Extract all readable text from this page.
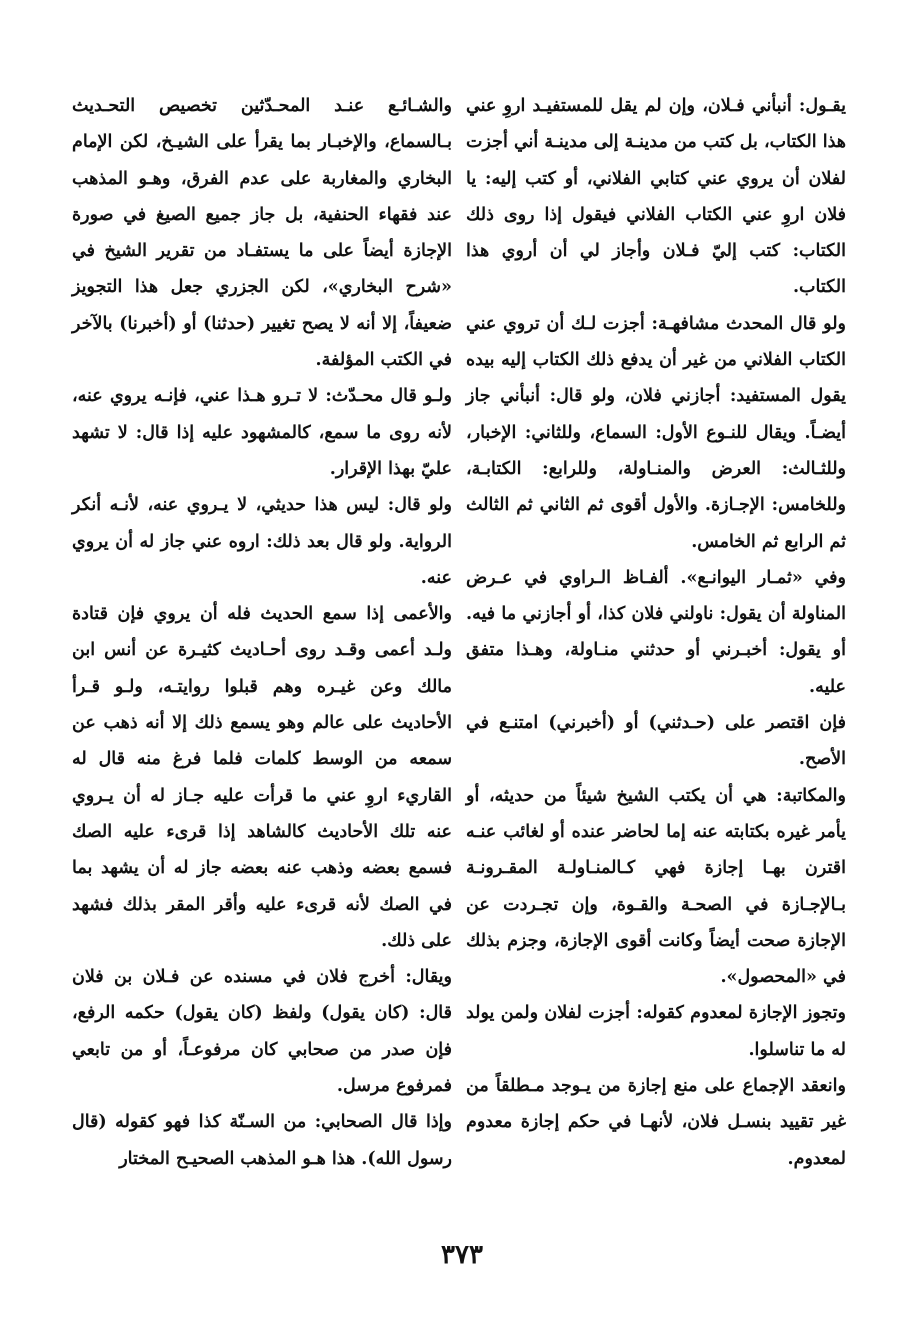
يقـول: أنبأني فـلان، وإن لم يقل للمستفيـد اروِ عني هذا الكتاب، بل كتب من مدينـة إلى مدينـة أني أجزت لفلان أن يروي عني كتابي الفلاني، أو كتب إليه: يا فلان اروِ عني الكتاب الفلاني فيقول إذا روى ذلك الكتاب: كتب إليّ فـلان وأجاز لي أن أروي هذا الكتاب.

ولو قال المحدث مشافهـة: أجزت لـك أن تروي عني الكتاب الفلاني من غير أن يدفع ذلك الكتاب إليه بيده يقول المستفيد: أجازني فلان، ولو قال: أنبأني جاز أيضـاً. ويقال للنـوع الأول: السماع، وللثاني: الإخبار، وللثـالث: العرض والمنـاولة، وللرابع: الكتابـة، وللخامس: الإجـازة. والأول أقوى ثم الثاني ثم الثالث ثم الرابع ثم الخامس.

وفي «ثمـار اليوانـع». ألفـاظ الـراوي في عـرض المناولة أن يقول: ناولني فلان كذا، أو أجازني ما فيه. أو يقول: أخبـرني أو حدثني منـاولة، وهـذا متفق عليه.

فإن اقتصر على (حـدثني) أو (أخبرني) امتنـع في الأصح.

والمكاتبة: هي أن يكتب الشيخ شيئاً من حديثه، أو يأمر غيره بكتابته عنه إما لحاضر عنده أو لغائب عنـه اقترن بهـا إجازة فهي كـالمنـاولـة المقـرونـة بـالإجـازة في الصحـة والقـوة، وإن تجـردت عن الإجازة صحت أيضاً وكانت أقوى الإجازة، وجزم بذلك في «المحصول».

وتجوز الإجازة لمعدوم كقوله: أجزت لفلان ولمن يولد له ما تناسلوا.

وانعقد الإجماع على منع إجازة من يـوجد مـطلقاً من غير تقييد بنسـل فلان، لأنهـا في حكم إجازة معدوم لمعدوم.

والشـائـع عنـد المحـدّثين تخصيص التحـديث بـالسماع، والإخبـار بما يقرأ على الشيـخ، لكن الإمام البخاري والمغاربة على عدم الفرق، وهـو المذهب عند فقهاء الحنفية، بل جاز جميع الصيغ في صورة الإجازة أيضاً على ما يستفـاد من تقرير الشيخ في «شرح البخاري»، لكن الجزري جعل هذا التجويز ضعيفاً، إلا أنه لا يصح تغيير (حدثنا) أو (أخبرنا) بالآخر في الكتب المؤلفة.

ولـو قال محـدّث: لا تـرو هـذا عني، فإنـه يروي عنه، لأنه روى ما سمع، كالمشهود عليه إذا قال: لا تشهد عليّ بهذا الإقرار.

ولو قال: ليس هذا حديثي، لا يـروي عنه، لأنـه أنكر الرواية. ولو قال بعد ذلك: اروه عني جاز له أن يروي عنه.

والأعمى إذا سمع الحديث فله أن يروي فإن قتادة ولـد أعمى وقـد روى أحـاديث كثيـرة عن أنس ابن مالك وعن غيـره وهم قبلوا روايتـه، ولـو قـرأ الأحاديث على عالم وهو يسمع ذلك إلا أنه ذهب عن سمعه من الوسط كلمات فلما فرغ منه قال له القاريء اروِ عني ما قرأت عليه جـاز له أن يـروي عنه تلك الأحاديث كالشاهد إذا قرىء عليه الصك فسمع بعضه وذهب عنه بعضه جاز له أن يشهد بما في الصك لأنه قرىء عليه وأقر المقر بذلك فشهد على ذلك.

ويقال: أخرج فلان في مسنده عن فـلان بن فلان قال: (كان يقول) ولفظ (كان يقول) حكمه الرفع، فإن صدر من صحابي كان مرفوعـاً، أو من تابعي فمرفوع مرسل.

وإذا قال الصحابي: من السـنّة كذا فهو كقوله (قال رسول الله). هذا هـو المذهب الصحيـح المختار

٣٧٣
